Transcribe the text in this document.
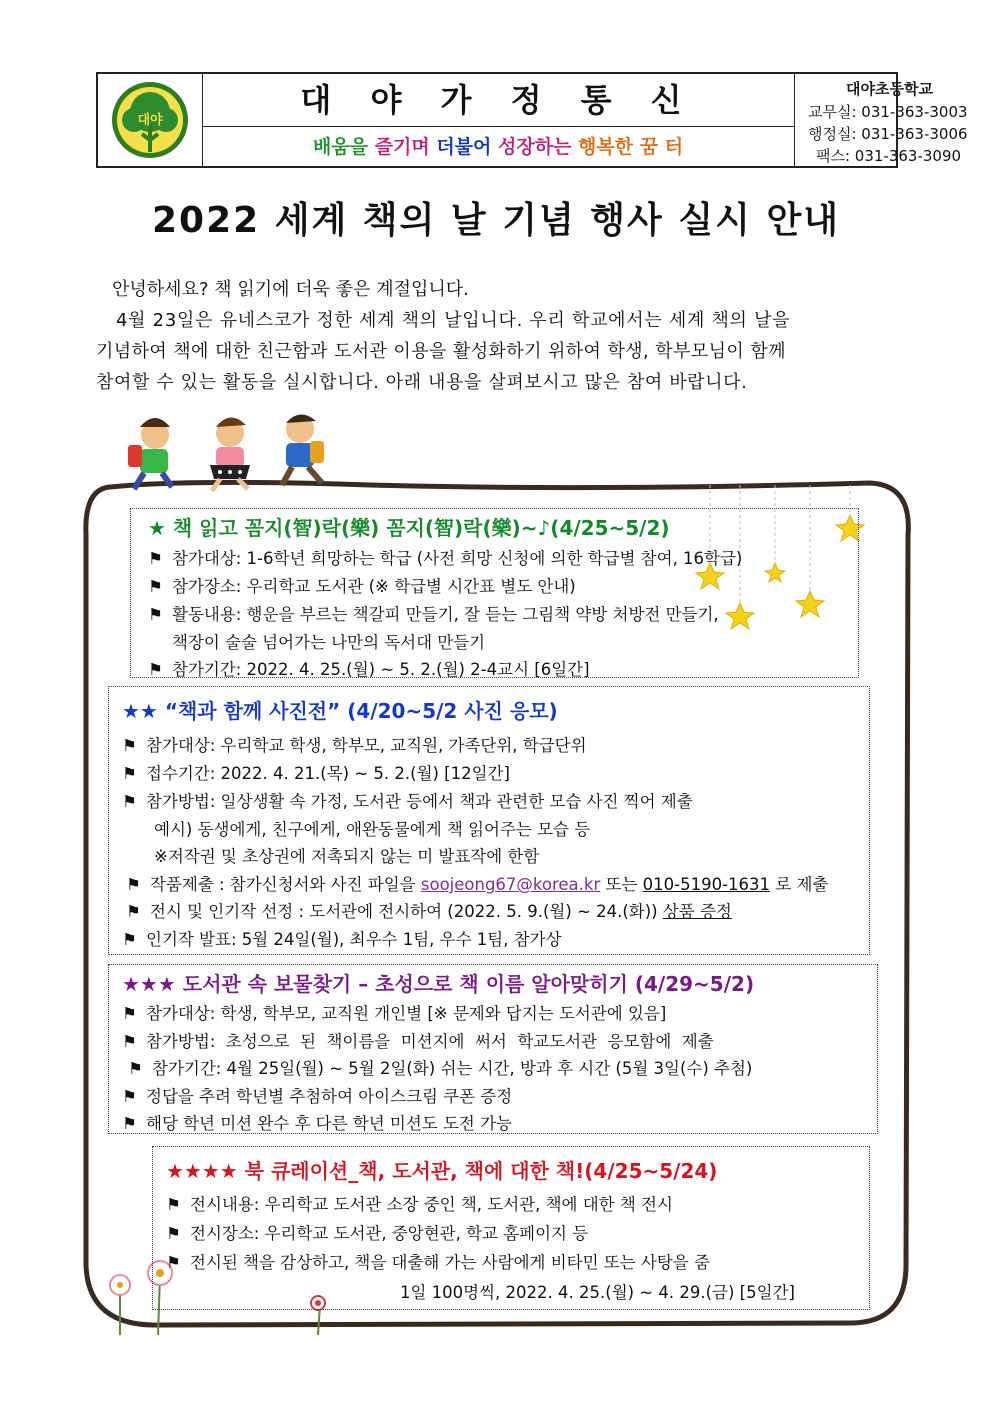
대야
대 야 가 정 통 신
배움을 즐기며 더불어 성장하는 행복한 꿈 터
대야초등학교
교무실: 031-363-3003
행정실: 031-363-3006
팩스: 031-363-3090
2022 세계 책의 날 기념 행사 실시 안내
안녕하세요? 책 읽기에 더욱 좋은 계절입니다.
4월 23일은 유네스코가 정한 세계 책의 날입니다. 우리 학교에서는 세계 책의 날을
기념하여 책에 대한 친근함과 도서관 이용을 활성화하기 위하여 학생, 학부모님이 함께
참여할 수 있는 활동을 실시합니다. 아래 내용을 살펴보시고 많은 참여 바랍니다.
★ 책 읽고 꼼지(智)락(樂) 꼼지(智)락(樂)~♪(4/25~5/2)
⚑ 참가대상: 1-6학년 희망하는 학급 (사전 희망 신청에 의한 학급별 참여, 16학급)
⚑ 참가장소: 우리학교 도서관 (※ 학급별 시간표 별도 안내)
⚑ 활동내용: 행운을 부르는 책갈피 만들기, 잘 듣는 그림책 약방 처방전 만들기,
책장이 술술 넘어가는 나만의 독서대 만들기
⚑ 참가기간: 2022. 4. 25.(월) ~ 5. 2.(월) 2-4교시 [6일간]
★★ “책과 함께 사진전” (4/20~5/2 사진 응모)
⚑ 참가대상: 우리학교 학생, 학부모, 교직원, 가족단위, 학급단위
⚑ 접수기간: 2022. 4. 21.(목) ~ 5. 2.(월) [12일간]
⚑ 참가방법: 일상생활 속 가정, 도서관 등에서 책과 관련한 모습 사진 찍어 제출
예시) 동생에게, 친구에게, 애완동물에게 책 읽어주는 모습 등
※저작권 및 초상권에 저촉되지 않는 미 발표작에 한함
⚑ 작품제출 : 참가신청서와 사진 파일을 soojeong67@korea.kr 또는 010-5190-1631 로 제출
⚑ 전시 및 인기작 선정 : 도서관에 전시하여 (2022. 5. 9.(월) ~ 24.(화)) 상품 증정
⚑ 인기작 발표: 5월 24일(월), 최우수 1팀, 우수 1팀, 참가상
★★★ 도서관 속 보물찾기 – 초성으로 책 이름 알아맞히기 (4/29~5/2)
⚑ 참가대상: 학생, 학부모, 교직원 개인별 [※ 문제와 답지는 도서관에 있음]
⚑ 참가방법:  초성으로  된  책이름을  미션지에  써서  학교도서관  응모함에  제출
⚑ 참가기간: 4월 25일(월) ~ 5월 2일(화) 쉬는 시간, 방과 후 시간 (5월 3일(수) 추첨)
⚑ 정답을 추려 학년별 추첨하여 아이스크림 쿠폰 증정
⚑ 해당 학년 미션 완수 후 다른 학년 미션도 도전 가능
★★★★ 북 큐레이션_책, 도서관, 책에 대한 책!(4/25~5/24)
⚑ 전시내용: 우리학교 도서관 소장 중인 책, 도서관, 책에 대한 책 전시
⚑ 전시장소: 우리학교 도서관, 중앙현관, 학교 홈페이지 등
⚑ 전시된 책을 감상하고, 책을 대출해 가는 사람에게 비타민 또는 사탕을 줌
1일 100명씩, 2022. 4. 25.(월) ~ 4. 29.(금) [5일간]
